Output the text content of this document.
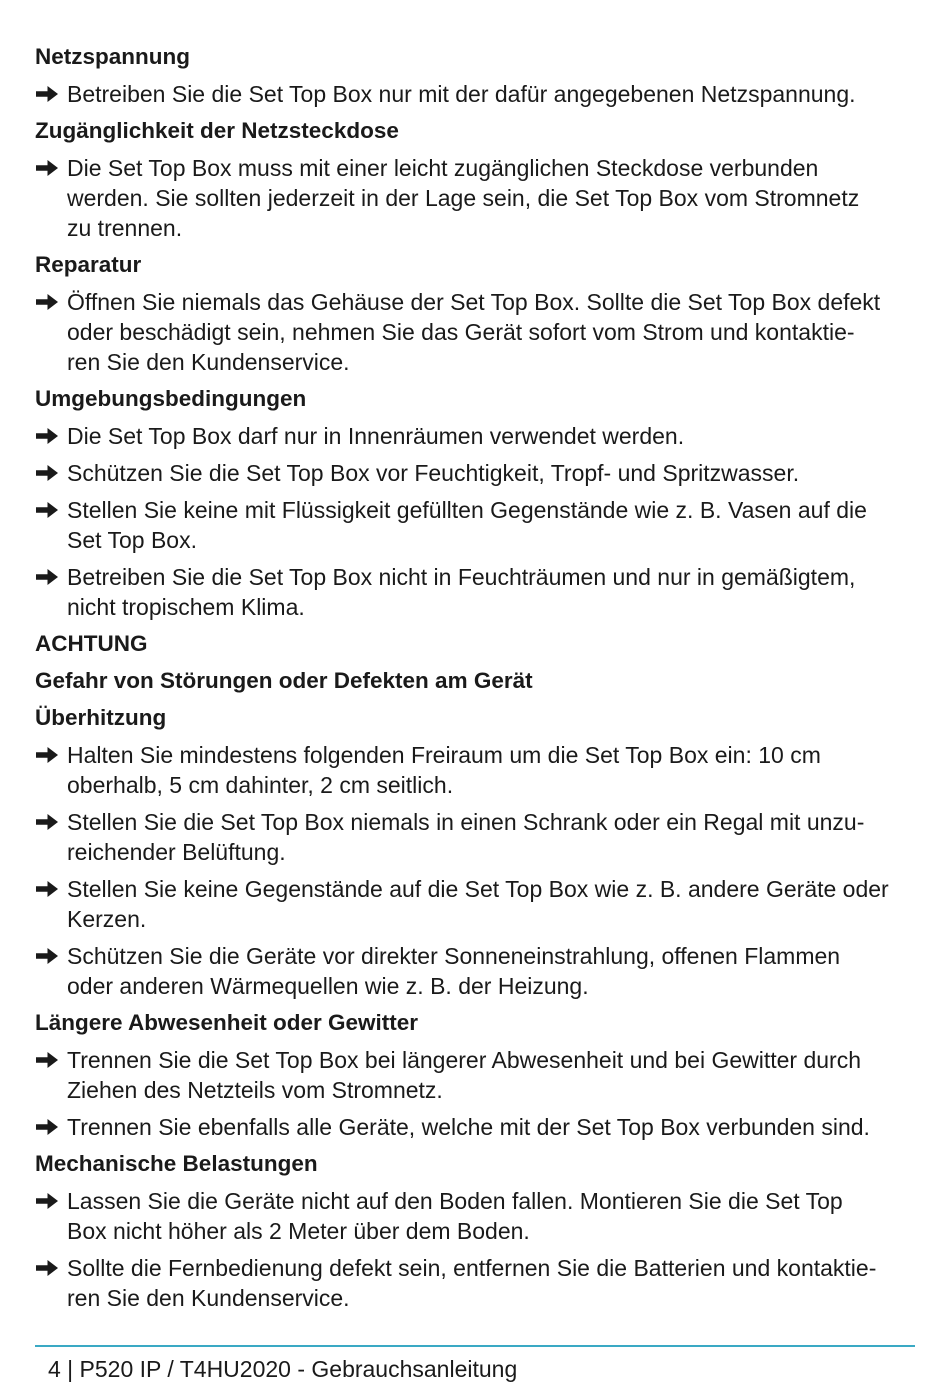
Netzspannung
Betreiben Sie die Set Top Box nur mit der dafür angegebenen Netzspannung.
Zugänglichkeit der Netzsteckdose
Die Set Top Box muss mit einer leicht zugänglichen Steckdose verbunden
werden. Sie sollten jederzeit in der Lage sein, die Set Top Box vom Stromnetz
zu trennen.
Reparatur
Öffnen Sie niemals das Gehäuse der Set Top Box. Sollte die Set Top Box defekt
oder beschädigt sein, nehmen Sie das Gerät sofort vom Strom und kontaktie-
ren Sie den Kundenservice.
Umgebungsbedingungen
Die Set Top Box darf nur in Innenräumen verwendet werden.
Schützen Sie die Set Top Box vor Feuchtigkeit, Tropf- und Spritzwasser.
Stellen Sie keine mit Flüssigkeit gefüllten Gegenstände wie z. B. Vasen auf die
Set Top Box.
Betreiben Sie die Set Top Box nicht in Feuchträumen und nur in gemäßigtem,
nicht tropischem Klima.
ACHTUNG
Gefahr von Störungen oder Defekten am Gerät
Überhitzung
Halten Sie mindestens folgenden Freiraum um die Set Top Box ein: 10 cm
oberhalb, 5 cm dahinter, 2 cm seitlich.
Stellen Sie die Set Top Box niemals in einen Schrank oder ein Regal mit unzu-
reichender Belüftung.
Stellen Sie keine Gegenstände auf die Set Top Box wie z. B. andere Geräte oder
Kerzen.
Schützen Sie die Geräte vor direkter Sonneneinstrahlung, offenen Flammen
oder anderen Wärmequellen wie z. B. der Heizung.
Längere Abwesenheit oder Gewitter
Trennen Sie die Set Top Box bei längerer Abwesenheit und bei Gewitter durch
Ziehen des Netzteils vom Stromnetz.
Trennen Sie ebenfalls alle Geräte, welche mit der Set Top Box verbunden sind.
Mechanische Belastungen
Lassen Sie die Geräte nicht auf den Boden fallen. Montieren Sie die Set Top
Box nicht höher als 2 Meter über dem Boden.
Sollte die Fernbedienung defekt sein, entfernen Sie die Batterien und kontaktie-
ren Sie den Kundenservice.
4 | P520 IP / T4HU2020 - Gebrauchsanleitung
